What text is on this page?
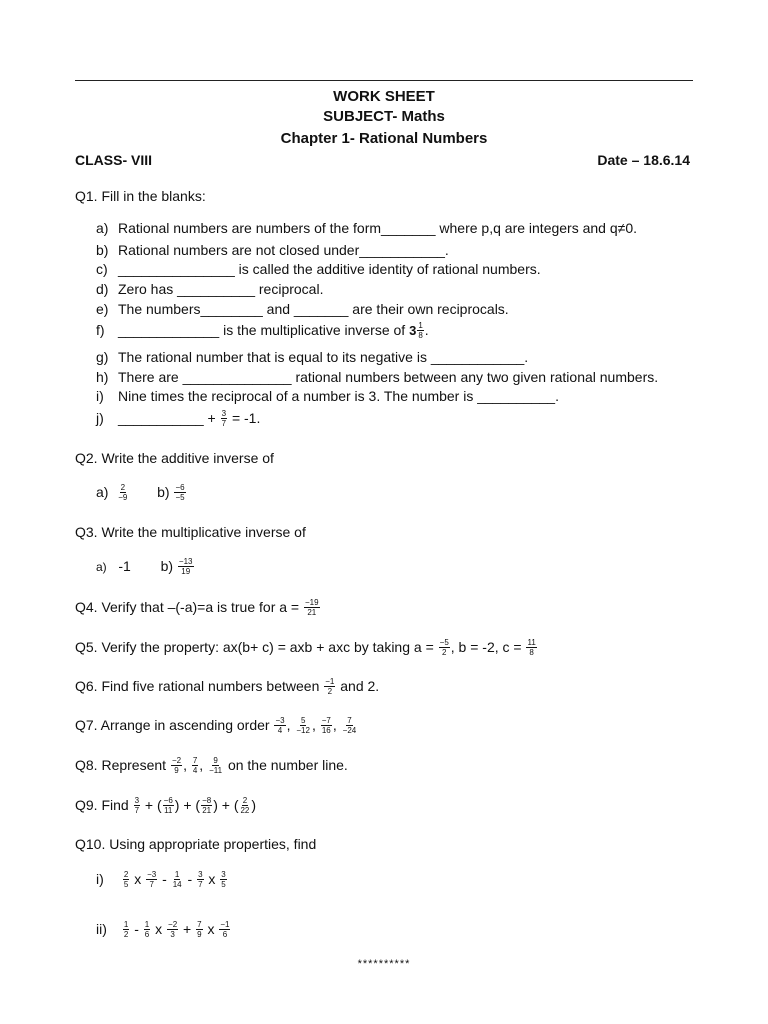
WORK SHEET
SUBJECT- Maths
Chapter 1- Rational Numbers
CLASS- VIII	Date – 18.6.14
Q1. Fill in the blanks:
a) Rational numbers are numbers of the form_______ where p,q are integers and q≠0.
b) Rational numbers are not closed under___________.
c) _______________ is called the additive identity of rational numbers.
d) Zero has __________ reciprocal.
e) The numbers________ and _______ are their own reciprocals.
f) _____________ is the multiplicative inverse of $3 \frac{1}{8}$ .
g) The rational number that is equal to its negative is ____________.
h) There are ______________ rational numbers between any two given rational numbers.
i) Nine times the reciprocal of a number is 3. The number is __________.
j) ___________ + $\frac{3}{7} = -1$.
Q2. Write the additive inverse of
$a) \frac{2}{-9} b) \frac{-6}{-5}$
Q3. Write the multiplicative inverse of
a) -1 $b) \frac{-13}{19}$
Q4. Verify that –(-a)=a is true for $a = \frac{-19}{21}$
Q5. Verify the property: ax(b+ c) = axb + axc by taking $a = \frac{-5}{2}$ , b = -2, $c = \frac{11}{8}$
Q6. Find five rational numbers between $\frac{-1}{2}$ and 2.
Q7. Arrange in ascending order $\frac{-3}{4}$ , $\frac{5}{-12}$ , $\frac{-7}{16}$ , $\frac{7}{-24}$
Q8. Represent $\frac{-2}{9}$ , $\frac{7}{4}$ , $\frac{9}{-11}$ on the number line.
Q9. Find $\frac{3}{7}$ + ( $\frac{-6}{11}$ ) + ( $\frac{-8}{21}$ ) + ( $\frac{2}{22}$ )
Q10. Using appropriate properties, find
$i) \frac{2}{5}$ x $\frac{-3}{7} - \frac{1}{14} - \frac{3}{7}$ x $\frac{3}{5}$
$ii) \frac{1}{2} - \frac{1}{6}$ x $\frac{-2}{3} + \frac{7}{9}$ x $\frac{-1}{6}$
**********
